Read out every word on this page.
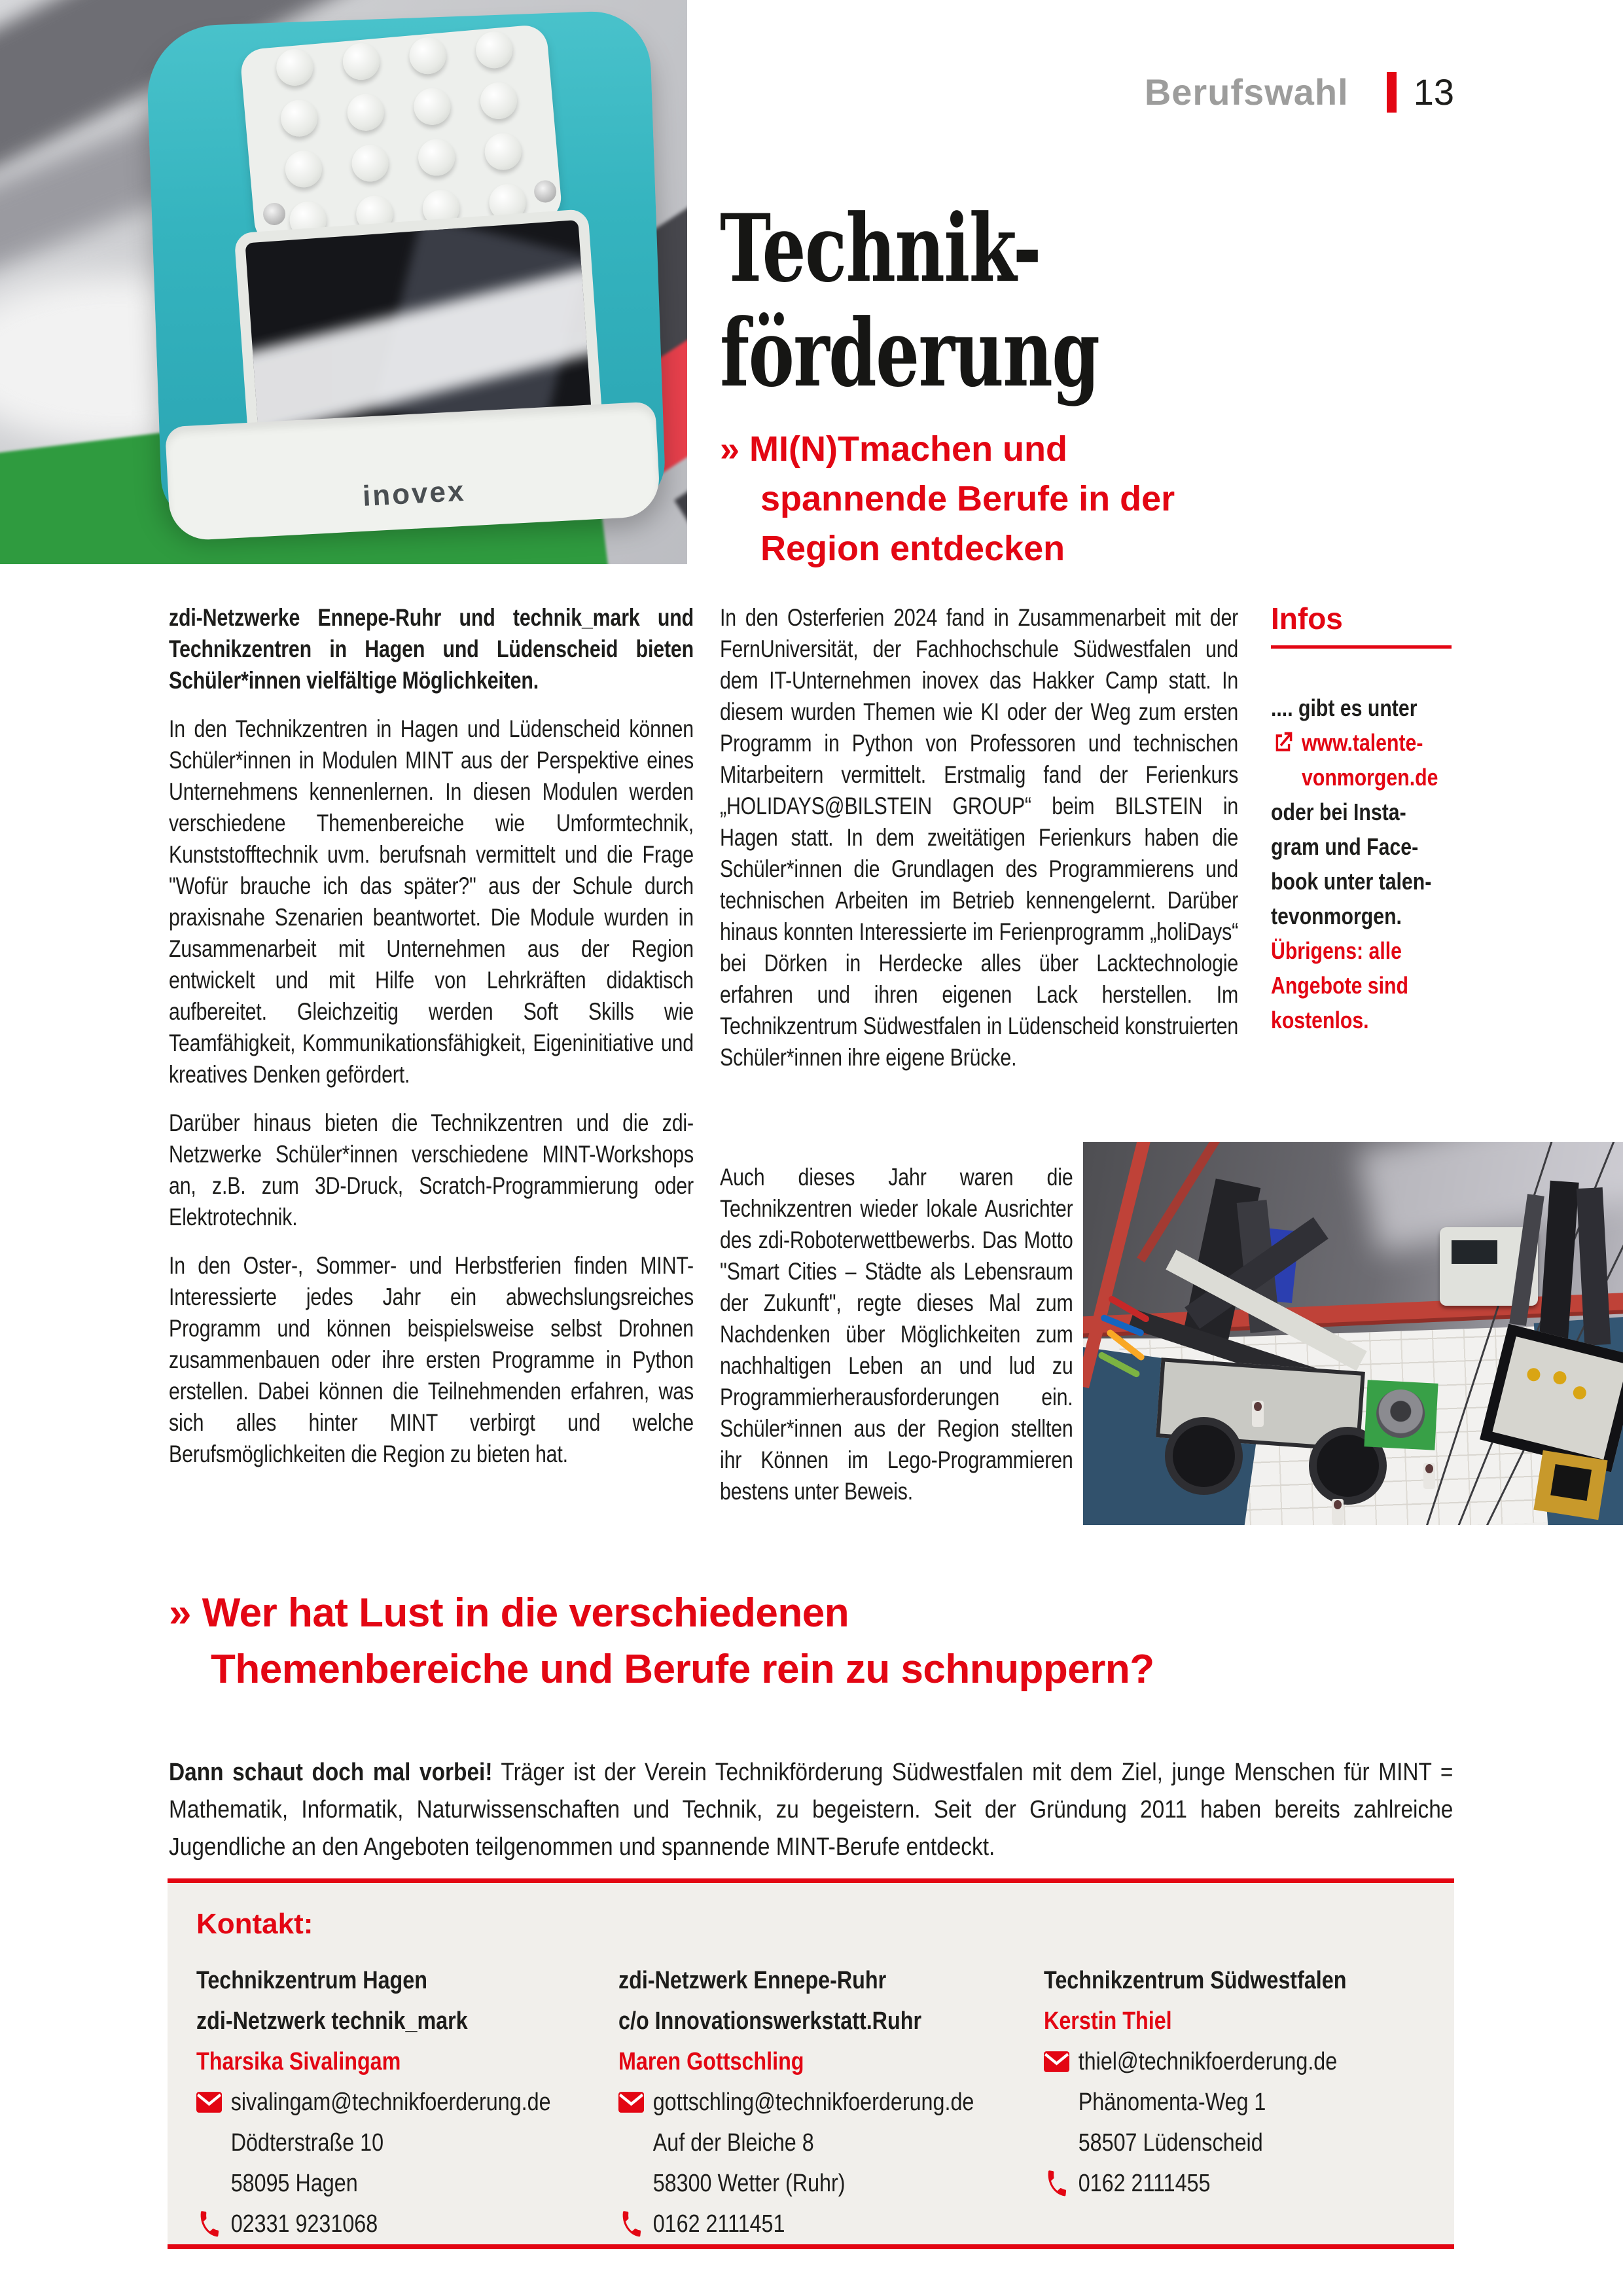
inovex
Berufswahl 13
Technik-
förderung
» MI(N)Tmachen und
spannende Berufe in der
Region entdecken

zdi-Netzwerke Ennepe-Ruhr und technik_mark und Technikzentren in Hagen und Lüdenscheid bieten Schüler*innen vielfältige Möglichkeiten.

In den Technikzentren in Hagen und Lüdenscheid können Schüler*innen in Modulen MINT aus der Perspektive eines Unternehmens kennenlernen. In diesen Modulen werden verschiedene Themenbereiche wie Umformtechnik, Kunststofftechnik uvm. berufsnah vermittelt und die Frage "Wofür brauche ich das später?" aus der Schule durch praxisnahe Szenarien beantwortet. Die Module wurden in Zusammenarbeit mit Unternehmen aus der Region entwickelt und mit Hilfe von Lehrkräften didaktisch aufbereitet. Gleichzeitig werden Soft Skills wie Teamfähigkeit, Kommunikationsfähigkeit, Eigeninitiative und kreatives Denken gefördert.

Darüber hinaus bieten die Technikzentren und die zdi-Netzwerke Schüler*innen verschiedene MINT-Workshops an, z.B. zum 3D-Druck, Scratch-Programmierung oder Elektrotechnik.

In den Oster-, Sommer- und Herbstferien finden MINT-Interessierte jedes Jahr ein abwechslungsreiches Programm und können beispielsweise selbst Drohnen zusammenbauen oder ihre ersten Programme in Python erstellen. Dabei können die Teilnehmenden erfahren, was sich alles hinter MINT verbirgt und welche Berufsmöglichkeiten die Region zu bieten hat.

In den Osterferien 2024 fand in Zusammenarbeit mit der FernUniversität, der Fachhochschule Südwestfalen und dem IT-Unternehmen inovex das Hakker Camp statt. In diesem wurden Themen wie KI oder der Weg zum ersten Programm in Python von Professoren und technischen Mitarbeitern vermittelt. Erstmalig fand der Ferienkurs „HOLIDAYS@BILSTEIN GROUP“ beim BILSTEIN in Hagen statt. In dem zweitätigen Ferienkurs haben die Schüler*innen die Grundlagen des Programmierens und technischen Arbeiten im Betrieb kennengelernt. Darüber hinaus konnten Interessierte im Ferienprogramm „holiDays“ bei Dörken in Herdecke alles über Lacktechnologie erfahren und ihren eigenen Lack herstellen. Im Technikzentrum Südwestfalen in Lüdenscheid konstruierten Schüler*innen ihre eigene Brücke.

Auch dieses Jahr waren die Technikzentren wieder lokale Ausrichter des zdi-Roboterwettbewerbs. Das Motto "Smart Cities – Städte als Lebensraum der Zukunft", regte dieses Mal zum Nachdenken über Möglichkeiten zum nachhaltigen Leben an und lud zu Programmierherausforderungen ein. Schüler*innen aus der Region stellten ihr Können im Lego-Programmieren bestens unter Beweis.

Infos
.... gibt es unter
www.talente-
vonmorgen.de
oder bei Insta-
gram und Face-
book unter talen-
tevonmorgen.
Übrigens: alle
Angebote sind
kostenlos.
» Wer hat Lust in die verschiedenen
Themenbereiche und Berufe rein zu schnuppern?

Dann schaut doch mal vorbei! Träger ist der Verein Technikförderung Südwestfalen mit dem Ziel, junge Menschen für MINT = Mathematik, Informatik, Naturwissenschaften und Technik, zu begeistern. Seit der Gründung 2011 haben bereits zahlreiche Jugendliche an den Angeboten teilgenommen und spannende MINT-Berufe entdeckt.

Kontakt:
Technikzentrum Hagen
zdi-Netzwerk technik_mark
Tharsika Sivalingam
sivalingam@technikfoerderung.de
Dödterstraße 10
58095 Hagen
02331 9231068
zdi-Netzwerk Ennepe-Ruhr
c/o Innovationswerkstatt.Ruhr
Maren Gottschling
gottschling@technikfoerderung.de
Auf der Bleiche 8
58300 Wetter (Ruhr)
0162 2111451
Technikzentrum Südwestfalen
Kerstin Thiel
thiel@technikfoerderung.de
Phänomenta-Weg 1
58507 Lüdenscheid
0162 2111455
